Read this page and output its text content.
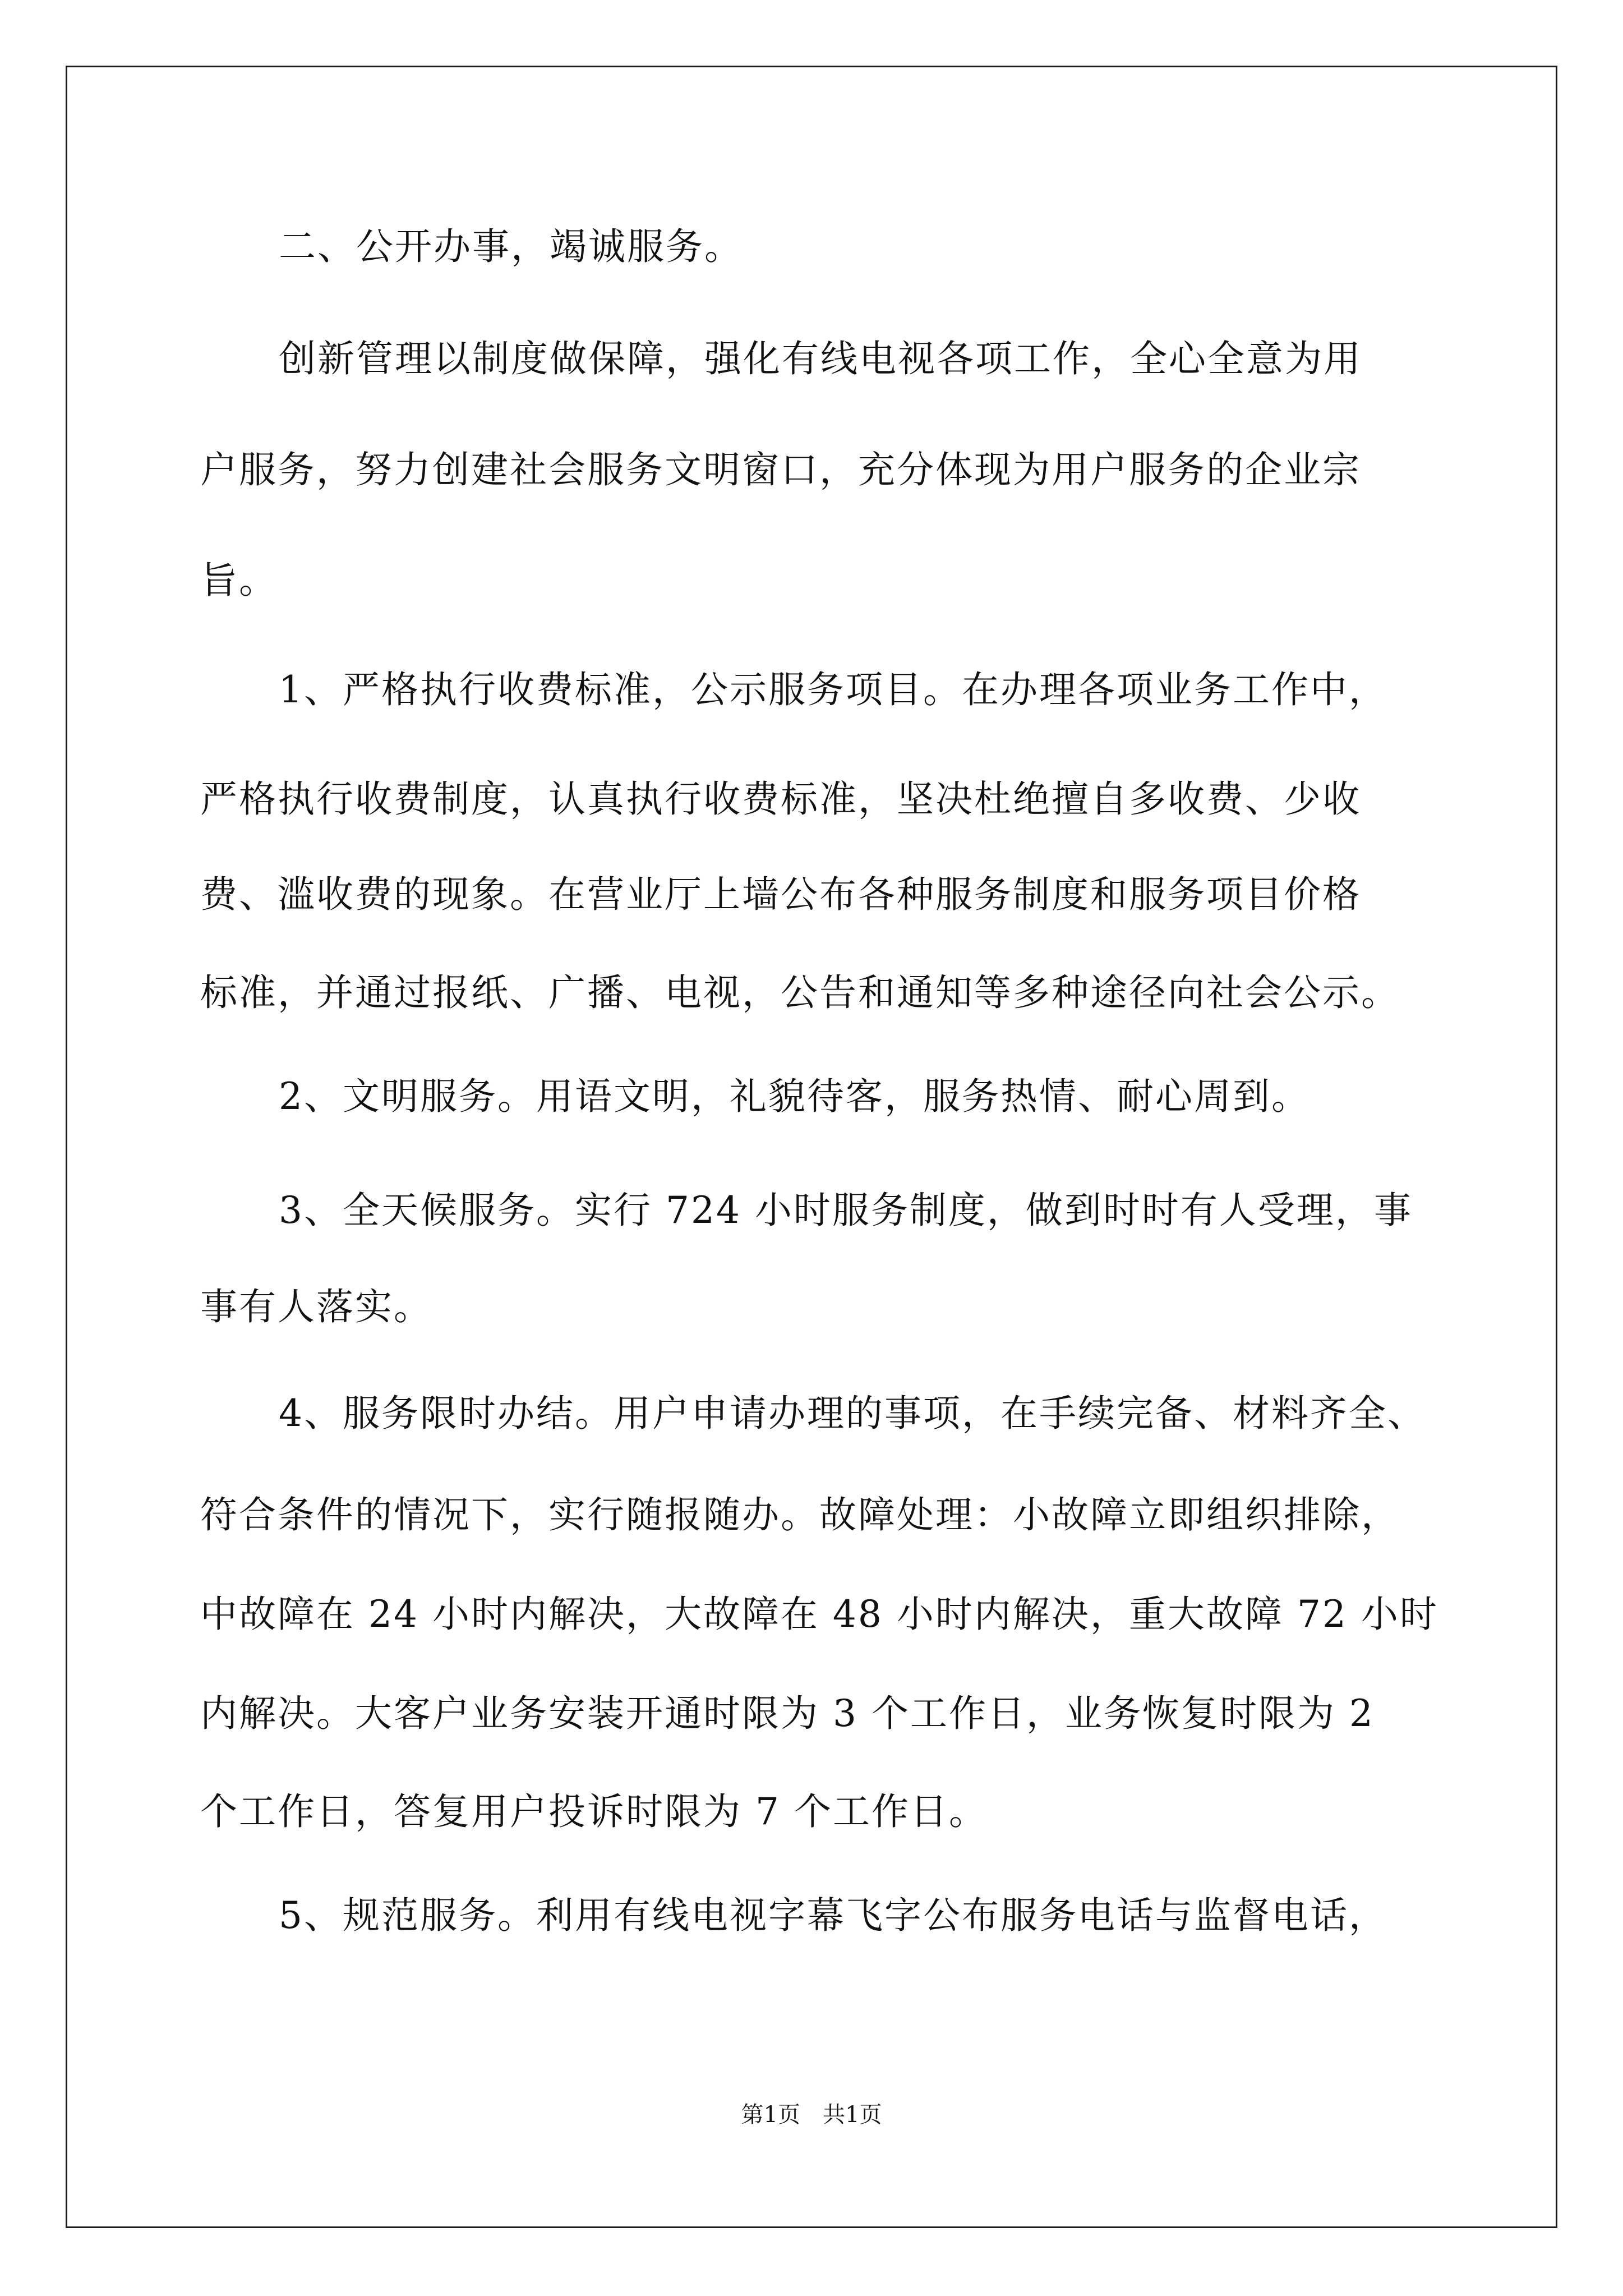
二、公开办事，竭诚服务。
创新管理以制度做保障，强化有线电视各项工作，全心全意为用
户服务，努力创建社会服务文明窗口，充分体现为用户服务的企业宗
旨。
1、严格执行收费标准，公示服务项目。在办理各项业务工作中，
严格执行收费制度，认真执行收费标准，坚决杜绝擅自多收费、少收
费、滥收费的现象。在营业厅上墙公布各种服务制度和服务项目价格
标准，并通过报纸、广播、电视，公告和通知等多种途径向社会公示。
2、文明服务。用语文明，礼貌待客，服务热情、耐心周到。
3、全天候服务。实行 724 小时服务制度，做到时时有人受理，事
事有人落实。
4、服务限时办结。用户申请办理的事项，在手续完备、材料齐全、
符合条件的情况下，实行随报随办。故障处理：小故障立即组织排除，
中故障在 24 小时内解决，大故障在 48 小时内解决，重大故障 72 小时
内解决。大客户业务安装开通时限为 3 个工作日，业务恢复时限为 2
个工作日，答复用户投诉时限为 7 个工作日。
5、规范服务。利用有线电视字幕飞字公布服务电话与监督电话，
第1页 共1页
